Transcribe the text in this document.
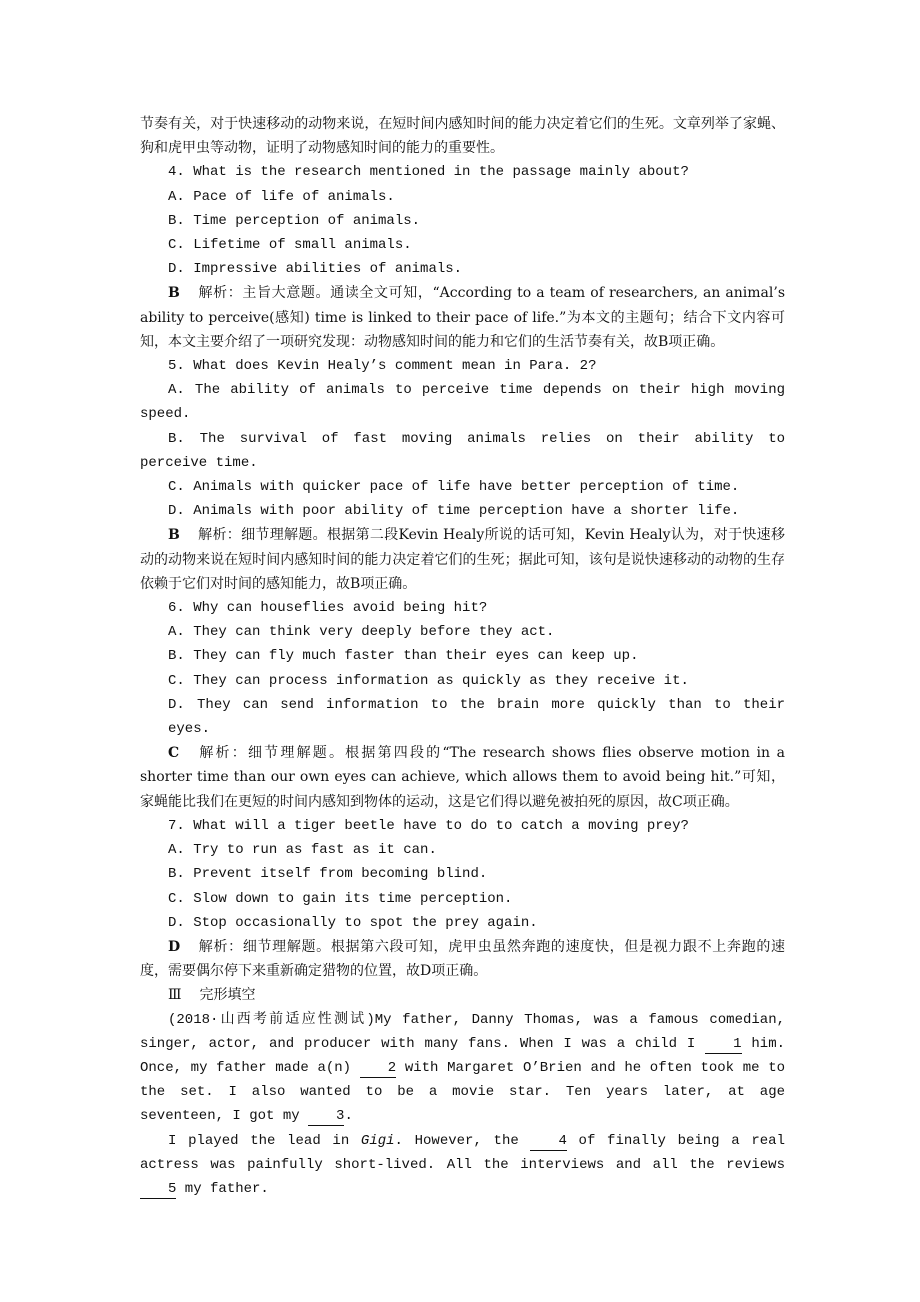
节奏有关，对于快速移动的动物来说，在短时间内感知时间的能力决定着它们的生死。文章列举了家蝇、狗和虎甲虫等动物，证明了动物感知时间的能力的重要性。

4. What is the research mentioned in the passage mainly about?

A. Pace of life of animals.

B. Time perception of animals.

C. Lifetime of small animals.

D. Impressive abilities of animals.

B 解析：主旨大意题。通读全文可知，“According to a team of researchers, an animal’s ability to perceive(感知) time is linked to their pace of life.”为本文的主题句；结合下文内容可知，本文主要介绍了一项研究发现：动物感知时间的能力和它们的生活节奏有关，故B项正确。

5. What does Kevin Healy’s comment mean in Para. 2?

A. The ability of animals to perceive time depends on their high moving speed.

B. The survival of fast moving animals relies on their ability to perceive time.

C. Animals with quicker pace of life have better perception of time.

D. Animals with poor ability of time perception have a shorter life.

B 解析：细节理解题。根据第二段Kevin Healy所说的话可知，Kevin Healy认为，对于快速移动的动物来说在短时间内感知时间的能力决定着它们的生死；据此可知，该句是说快速移动的动物的生存依赖于它们对时间的感知能力，故B项正确。

6. Why can houseflies avoid being hit?

A. They can think very deeply before they act.

B. They can fly much faster than their eyes can keep up.

C. They can process information as quickly as they receive it.

D. They can send information to the brain more quickly than to their eyes.

C 解析：细节理解题。根据第四段的“The research shows flies observe motion in a shorter time than our own eyes can achieve, which allows them to avoid being hit.”可知，家蝇能比我们在更短的时间内感知到物体的运动，这是它们得以避免被拍死的原因，故C项正确。

7. What will a tiger beetle have to do to catch a moving prey?

A. Try to run as fast as it can.

B. Prevent itself from becoming blind.

C. Slow down to gain its time perception.

D. Stop occasionally to spot the prey again.

D 解析：细节理解题。根据第六段可知，虎甲虫虽然奔跑的速度快，但是视力跟不上奔跑的速度，需要偶尔停下来重新确定猎物的位置，故D项正确。

Ⅲ 完形填空

(2018·山西考前适应性测试)My father, Danny Thomas, was a famous comedian, singer, actor, and producer with many fans. When I was a child I 1 him. Once, my father made a(n) 2 with Margaret O’Brien and he often took me to the set. I also wanted to be a movie star. Ten years later, at age seventeen, I got my 3.

I played the lead in Gigi. However, the 4 of finally being a real actress was painfully short-lived. All the interviews and all the reviews 5 my father.
